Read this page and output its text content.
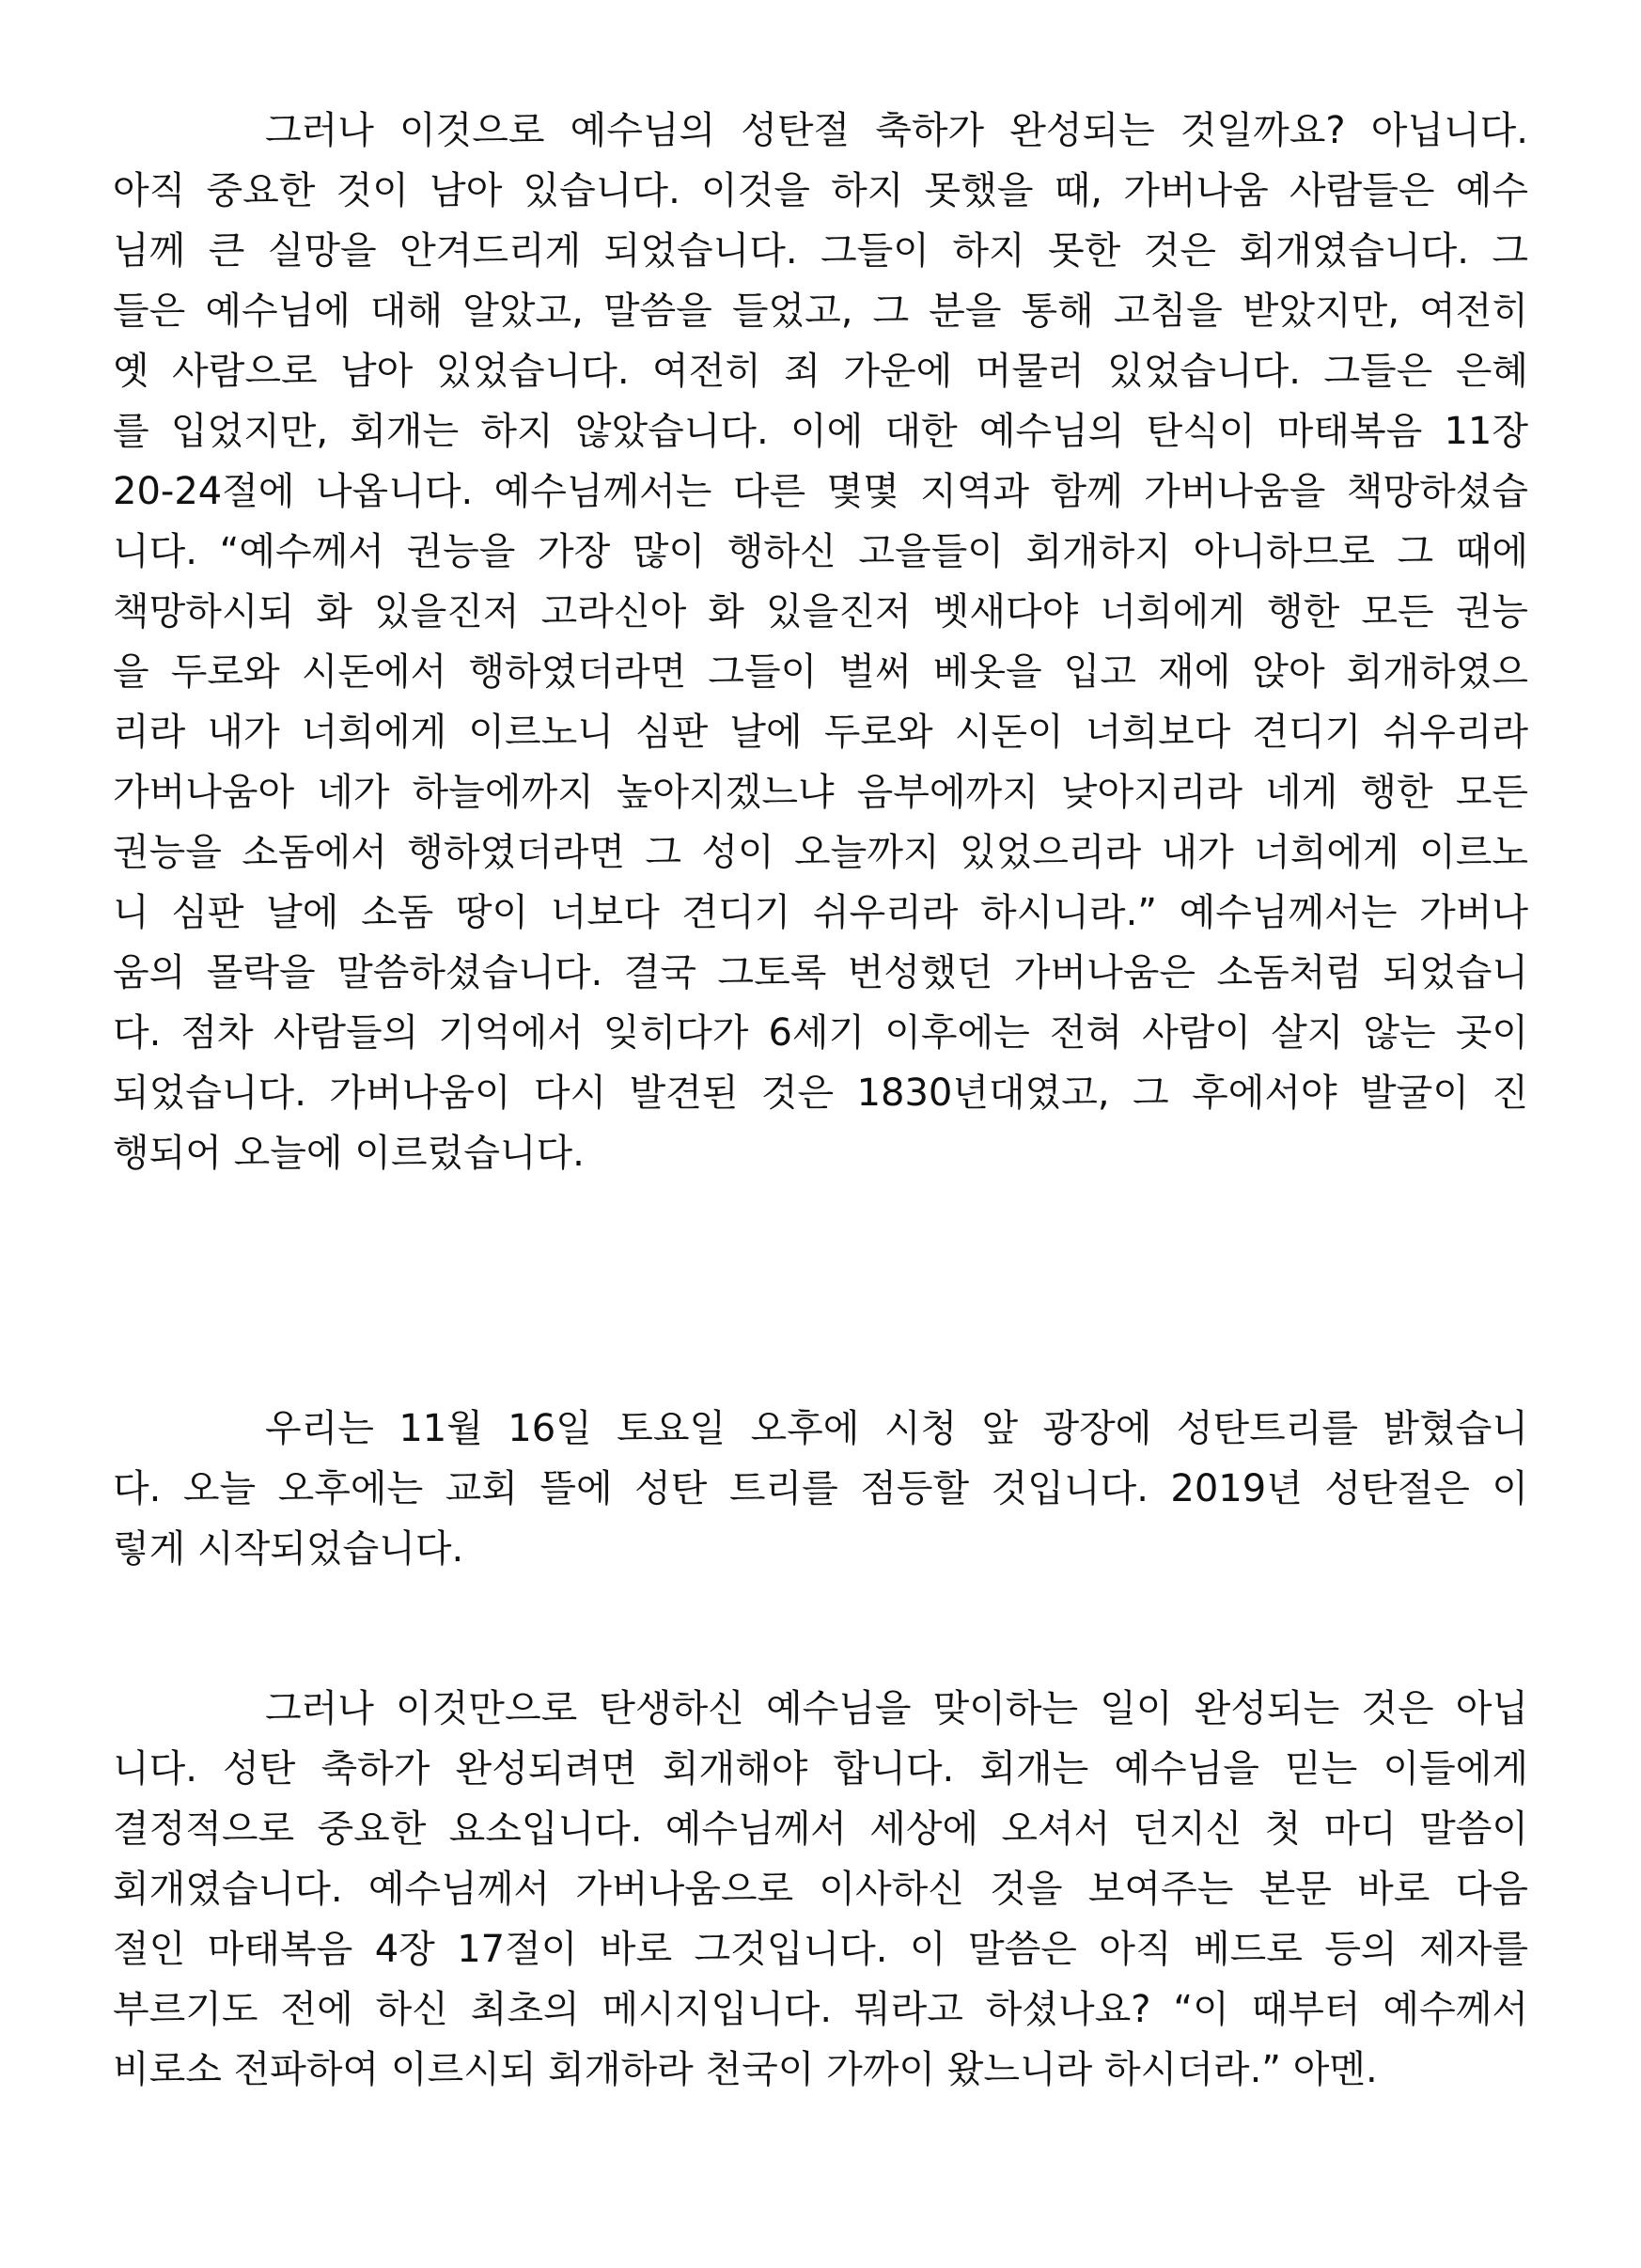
그러나 이것으로 예수님의 성탄절 축하가 완성되는 것일까요? 아닙니다.
아직 중요한 것이 남아 있습니다. 이것을 하지 못했을 때, 가버나움 사람들은 예수
님께 큰 실망을 안겨드리게 되었습니다. 그들이 하지 못한 것은 회개였습니다. 그
들은 예수님에 대해 알았고, 말씀을 들었고, 그 분을 통해 고침을 받았지만, 여전히
옛 사람으로 남아 있었습니다. 여전히 죄 가운에 머물러 있었습니다. 그들은 은혜
를 입었지만, 회개는 하지 않았습니다. 이에 대한 예수님의 탄식이 마태복음 11장
20-24절에 나옵니다. 예수님께서는 다른 몇몇 지역과 함께 가버나움을 책망하셨습
니다. “예수께서 권능을 가장 많이 행하신 고을들이 회개하지 아니하므로 그 때에
책망하시되 화 있을진저 고라신아 화 있을진저 벳새다야 너희에게 행한 모든 권능
을 두로와 시돈에서 행하였더라면 그들이 벌써 베옷을 입고 재에 앉아 회개하였으
리라 내가 너희에게 이르노니 심판 날에 두로와 시돈이 너희보다 견디기 쉬우리라
가버나움아 네가 하늘에까지 높아지겠느냐 음부에까지 낮아지리라 네게 행한 모든
권능을 소돔에서 행하였더라면 그 성이 오늘까지 있었으리라 내가 너희에게 이르노
니 심판 날에 소돔 땅이 너보다 견디기 쉬우리라 하시니라.” 예수님께서는 가버나
움의 몰락을 말씀하셨습니다. 결국 그토록 번성했던 가버나움은 소돔처럼 되었습니
다. 점차 사람들의 기억에서 잊히다가 6세기 이후에는 전혀 사람이 살지 않는 곳이
되었습니다. 가버나움이 다시 발견된 것은 1830년대였고, 그 후에서야 발굴이 진
행되어 오늘에 이르렀습니다.
우리는 11월 16일 토요일 오후에 시청 앞 광장에 성탄트리를 밝혔습니
다. 오늘 오후에는 교회 뜰에 성탄 트리를 점등할 것입니다. 2019년 성탄절은 이
렇게 시작되었습니다.
그러나 이것만으로 탄생하신 예수님을 맞이하는 일이 완성되는 것은 아닙
니다. 성탄 축하가 완성되려면 회개해야 합니다. 회개는 예수님을 믿는 이들에게
결정적으로 중요한 요소입니다. 예수님께서 세상에 오셔서 던지신 첫 마디 말씀이
회개였습니다. 예수님께서 가버나움으로 이사하신 것을 보여주는 본문 바로 다음
절인 마태복음 4장 17절이 바로 그것입니다. 이 말씀은 아직 베드로 등의 제자를
부르기도 전에 하신 최초의 메시지입니다. 뭐라고 하셨나요? “이 때부터 예수께서
비로소 전파하여 이르시되 회개하라 천국이 가까이 왔느니라 하시더라.” 아멘.
